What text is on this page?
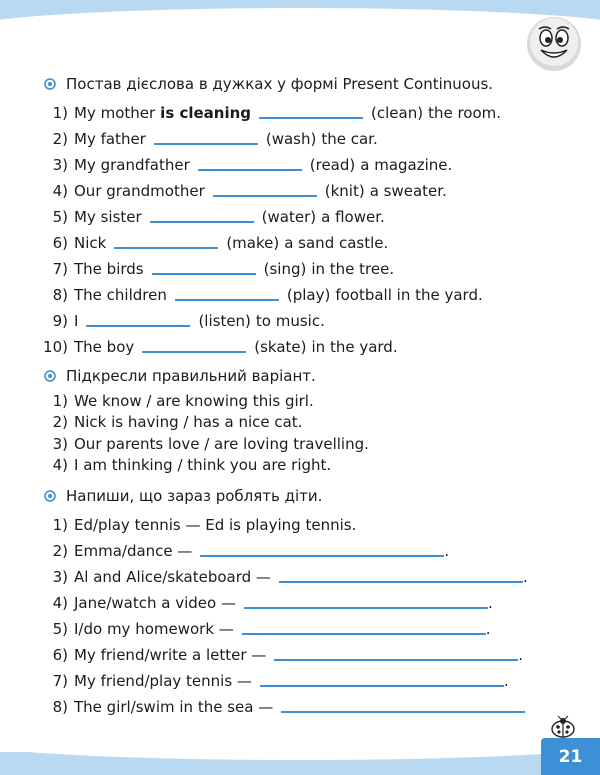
Постав дієслова в дужках у формі Present Continuous.
1) My mother is cleaning	(clean) the room.
2) My father	(wash) the car.
3) My grandfather	(read) a magazine.
4) Our grandmother	(knit) a sweater.
5) My sister	(water) a flower.
6) Nick	(make) a sand castle.
7) The birds	(sing) in the tree.
8) The children	(play) football in the yard.
9) I	(listen) to music.
10) The boy	(skate) in the yard.
Підкресли правильний варіант.
1) We know / are knowing this girl.
2) Nick is having / has a nice cat.
3) Our parents love / are loving travelling.
4) I am thinking / think you are right.
Напиши, що зараз роблять діти.
1) Ed/play tennis — Ed is playing tennis.
2) Emma/dance —	.
3) Al and Alice/skateboard —	.
4) Jane/watch a video —	.
5) I/do my homework —	.
6) My friend/write a letter —	.
7) My friend/play tennis —	.
8) The girl/swim in the sea —
21
